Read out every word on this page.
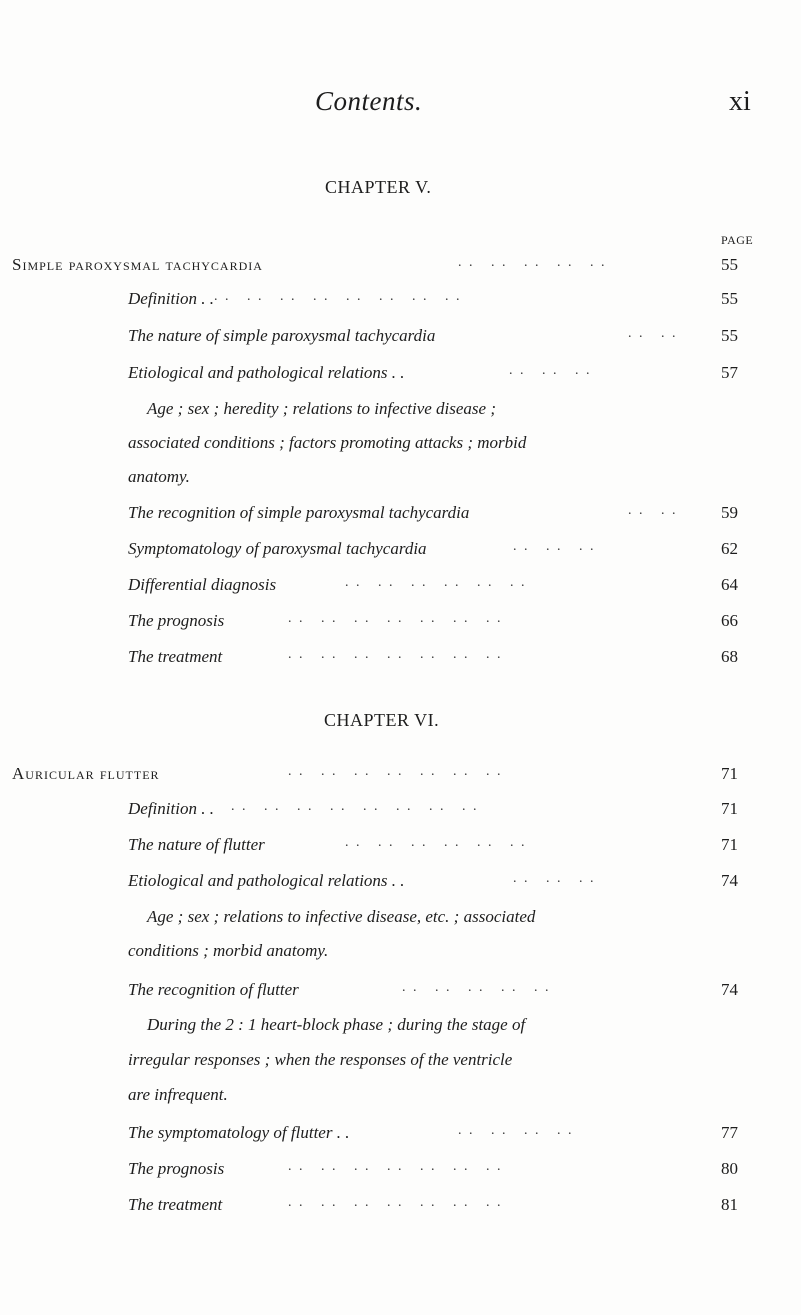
Contents.	xi
CHAPTER V.
PAGE
Simple paroxysmal tachycardia	.. .. .. .. ..	55
Definition . . .. .. .. .. .. .. .. ..	55
The nature of simple paroxysmal tachycardia	.. .. 55
Etiological and pathological relations . .	.. .. ..	57
Age ; sex ; heredity ; relations to infective disease ;
associated conditions ; factors promoting attacks ; morbid
anatomy.
The recognition of simple paroxysmal tachycardia	.. .. 59
Symptomatology of paroxysmal tachycardia	.. .. ..	62
Differential diagnosis	.. .. .. .. .. ..	64
The prognosis	.. .. .. .. .. .. ..	66
The treatment	.. .. .. .. .. .. ..	68
CHAPTER VI.
Auricular flutter	.. .. .. .. .. .. ..	71
Definition . . .. .. .. .. .. .. .. ..	71
The nature of flutter	.. .. .. .. .. ..	71
Etiological and pathological relations . .	.. .. ..	74
Age ; sex ; relations to infective disease, etc. ; associated
conditions ; morbid anatomy.
The recognition of flutter	.. .. .. .. ..	74
During the 2 : 1 heart-block phase ; during the stage of
irregular responses ; when the responses of the ventricle
are infrequent.
The symptomatology of flutter . .	.. .. .. ..	77
The prognosis	.. .. .. .. .. .. ..	80
The treatment	.. .. .. .. .. .. ..	81
